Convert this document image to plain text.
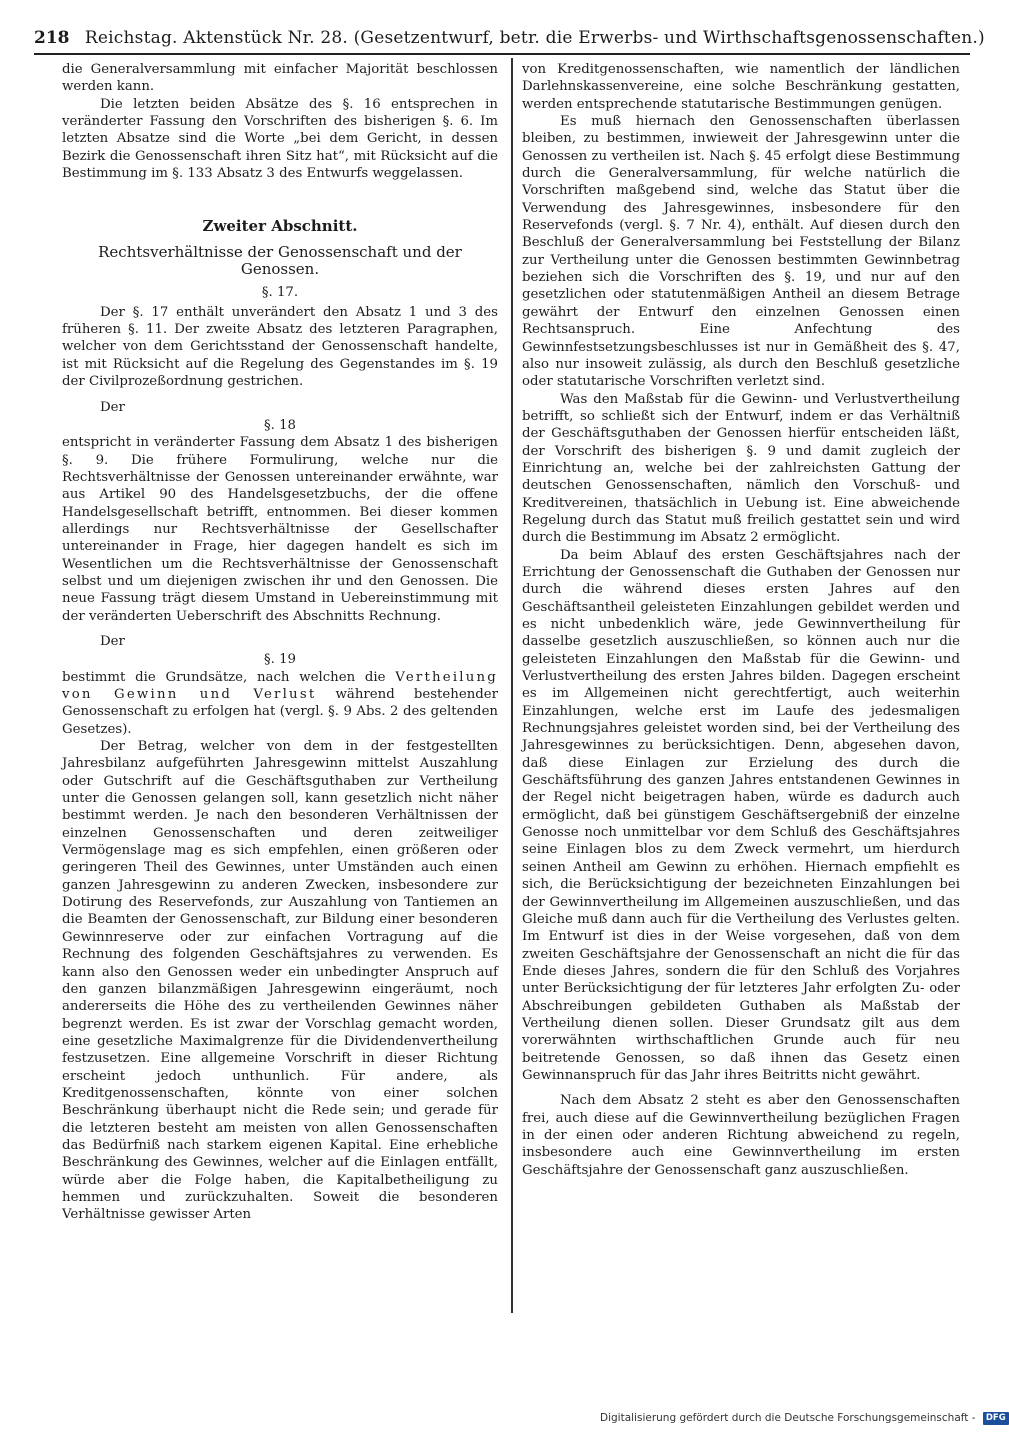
218 Reichstag. Aktenstück Nr. 28. (Gesetzentwurf, betr. die Erwerbs- und Wirthschaftsgenossenschaften.)

die Generalversammlung mit einfacher Majorität beschlossen werden kann.

Die letzten beiden Absätze des §. 16 entsprechen in veränderter Fassung den Vorschriften des bisherigen §. 6. Im letzten Absatze sind die Worte „bei dem Gericht, in dessen Bezirk die Genossenschaft ihren Sitz hat“, mit Rücksicht auf die Bestimmung im §. 133 Absatz 3 des Entwurfs weggelassen.

Zweiter Abschnitt.
Rechtsverhältnisse der Genossenschaft und der Genossen.
§. 17.

Der §. 17 enthält unverändert den Absatz 1 und 3 des früheren §. 11. Der zweite Absatz des letzteren Paragraphen, welcher von dem Gerichtsstand der Genossenschaft handelte, ist mit Rücksicht auf die Regelung des Gegenstandes im §. 19 der Civilprozeßordnung gestrichen.

Der

§. 18

entspricht in veränderter Fassung dem Absatz 1 des bisherigen §. 9. Die frühere Formulirung, welche nur die Rechtsverhältnisse der Genossen untereinander erwähnte, war aus Artikel 90 des Handelsgesetzbuchs, der die offene Handelsgesellschaft betrifft, entnommen. Bei dieser kommen allerdings nur Rechtsverhältnisse der Gesellschafter untereinander in Frage, hier dagegen handelt es sich im Wesentlichen um die Rechtsverhältnisse der Genossenschaft selbst und um diejenigen zwischen ihr und den Genossen. Die neue Fassung trägt diesem Umstand in Uebereinstimmung mit der veränderten Ueberschrift des Abschnitts Rechnung.

Der

§. 19

bestimmt die Grundsätze, nach welchen die Vertheilung von Gewinn und Verlust während bestehender Genossenschaft zu erfolgen hat (vergl. §. 9 Abs. 2 des geltenden Gesetzes).

Der Betrag, welcher von dem in der festgestellten Jahresbilanz aufgeführten Jahresgewinn mittelst Auszahlung oder Gutschrift auf die Geschäftsguthaben zur Vertheilung unter die Genossen gelangen soll, kann gesetzlich nicht näher bestimmt werden. Je nach den besonderen Verhältnissen der einzelnen Genossenschaften und deren zeitweiliger Vermögenslage mag es sich empfehlen, einen größeren oder geringeren Theil des Gewinnes, unter Umständen auch einen ganzen Jahresgewinn zu anderen Zwecken, insbesondere zur Dotirung des Reservefonds, zur Auszahlung von Tantiemen an die Beamten der Genossenschaft, zur Bildung einer besonderen Gewinnreserve oder zur einfachen Vortragung auf die Rechnung des folgenden Geschäftsjahres zu verwenden. Es kann also den Genossen weder ein unbedingter Anspruch auf den ganzen bilanzmäßigen Jahresgewinn eingeräumt, noch andererseits die Höhe des zu vertheilenden Gewinnes näher begrenzt werden. Es ist zwar der Vorschlag gemacht worden, eine gesetzliche Maximalgrenze für die Dividendenvertheilung festzusetzen. Eine allgemeine Vorschrift in dieser Richtung erscheint jedoch unthunlich. Für andere, als Kreditgenossenschaften, könnte von einer solchen Beschränkung überhaupt nicht die Rede sein; und gerade für die letzteren besteht am meisten von allen Genossenschaften das Bedürfniß nach starkem eigenen Kapital. Eine erhebliche Beschränkung des Gewinnes, welcher auf die Einlagen entfällt, würde aber die Folge haben, die Kapitalbetheiligung zu hemmen und zurückzuhalten. Soweit die besonderen Verhältnisse gewisser Arten

von Kreditgenossenschaften, wie namentlich der ländlichen Darlehnskassenvereine, eine solche Beschränkung gestatten, werden entsprechende statutarische Bestimmungen genügen.

Es muß hiernach den Genossenschaften überlassen bleiben, zu bestimmen, inwieweit der Jahresgewinn unter die Genossen zu vertheilen ist. Nach §. 45 erfolgt diese Bestimmung durch die Generalversammlung, für welche natürlich die Vorschriften maßgebend sind, welche das Statut über die Verwendung des Jahresgewinnes, insbesondere für den Reservefonds (vergl. §. 7 Nr. 4), enthält. Auf diesen durch den Beschluß der Generalversammlung bei Feststellung der Bilanz zur Vertheilung unter die Genossen bestimmten Gewinnbetrag beziehen sich die Vorschriften des §. 19, und nur auf den gesetzlichen oder statutenmäßigen Antheil an diesem Betrage gewährt der Entwurf den einzelnen Genossen einen Rechtsanspruch. Eine Anfechtung des Gewinnfestsetzungsbeschlusses ist nur in Gemäßheit des §. 47, also nur insoweit zulässig, als durch den Beschluß gesetzliche oder statutarische Vorschriften verletzt sind.

Was den Maßstab für die Gewinn- und Verlustvertheilung betrifft, so schließt sich der Entwurf, indem er das Verhältniß der Geschäftsguthaben der Genossen hierfür entscheiden läßt, der Vorschrift des bisherigen §. 9 und damit zugleich der Einrichtung an, welche bei der zahlreichsten Gattung der deutschen Genossenschaften, nämlich den Vorschuß- und Kreditvereinen, thatsächlich in Uebung ist. Eine abweichende Regelung durch das Statut muß freilich gestattet sein und wird durch die Bestimmung im Absatz 2 ermöglicht.

Da beim Ablauf des ersten Geschäftsjahres nach der Errichtung der Genossenschaft die Guthaben der Genossen nur durch die während dieses ersten Jahres auf den Geschäftsantheil geleisteten Einzahlungen gebildet werden und es nicht unbedenklich wäre, jede Gewinnvertheilung für dasselbe gesetzlich auszuschließen, so können auch nur die geleisteten Einzahlungen den Maßstab für die Gewinn- und Verlustvertheilung des ersten Jahres bilden. Dagegen erscheint es im Allgemeinen nicht gerechtfertigt, auch weiterhin Einzahlungen, welche erst im Laufe des jedesmaligen Rechnungsjahres geleistet worden sind, bei der Vertheilung des Jahresgewinnes zu berücksichtigen. Denn, abgesehen davon, daß diese Einlagen zur Erzielung des durch die Geschäftsführung des ganzen Jahres entstandenen Gewinnes in der Regel nicht beigetragen haben, würde es dadurch auch ermöglicht, daß bei günstigem Geschäftsergebniß der einzelne Genosse noch unmittelbar vor dem Schluß des Geschäftsjahres seine Einlagen blos zu dem Zweck vermehrt, um hierdurch seinen Antheil am Gewinn zu erhöhen. Hiernach empfiehlt es sich, die Berücksichtigung der bezeichneten Einzahlungen bei der Gewinnvertheilung im Allgemeinen auszuschließen, und das Gleiche muß dann auch für die Vertheilung des Verlustes gelten. Im Entwurf ist dies in der Weise vorgesehen, daß von dem zweiten Geschäftsjahre der Genossenschaft an nicht die für das Ende dieses Jahres, sondern die für den Schluß des Vorjahres unter Berücksichtigung der für letzteres Jahr erfolgten Zu- oder Abschreibungen gebildeten Guthaben als Maßstab der Vertheilung dienen sollen. Dieser Grundsatz gilt aus dem vorerwähnten wirthschaftlichen Grunde auch für neu beitretende Genossen, so daß ihnen das Gesetz einen Gewinnanspruch für das Jahr ihres Beitritts nicht gewährt.

Nach dem Absatz 2 steht es aber den Genossenschaften frei, auch diese auf die Gewinnvertheilung bezüglichen Fragen in der einen oder anderen Richtung abweichend zu regeln, insbesondere auch eine Gewinnvertheilung im ersten Geschäftsjahre der Genossenschaft ganz auszuschließen.

Digitalisierung gefördert durch die Deutsche Forschungsgemeinschaft - DFG
